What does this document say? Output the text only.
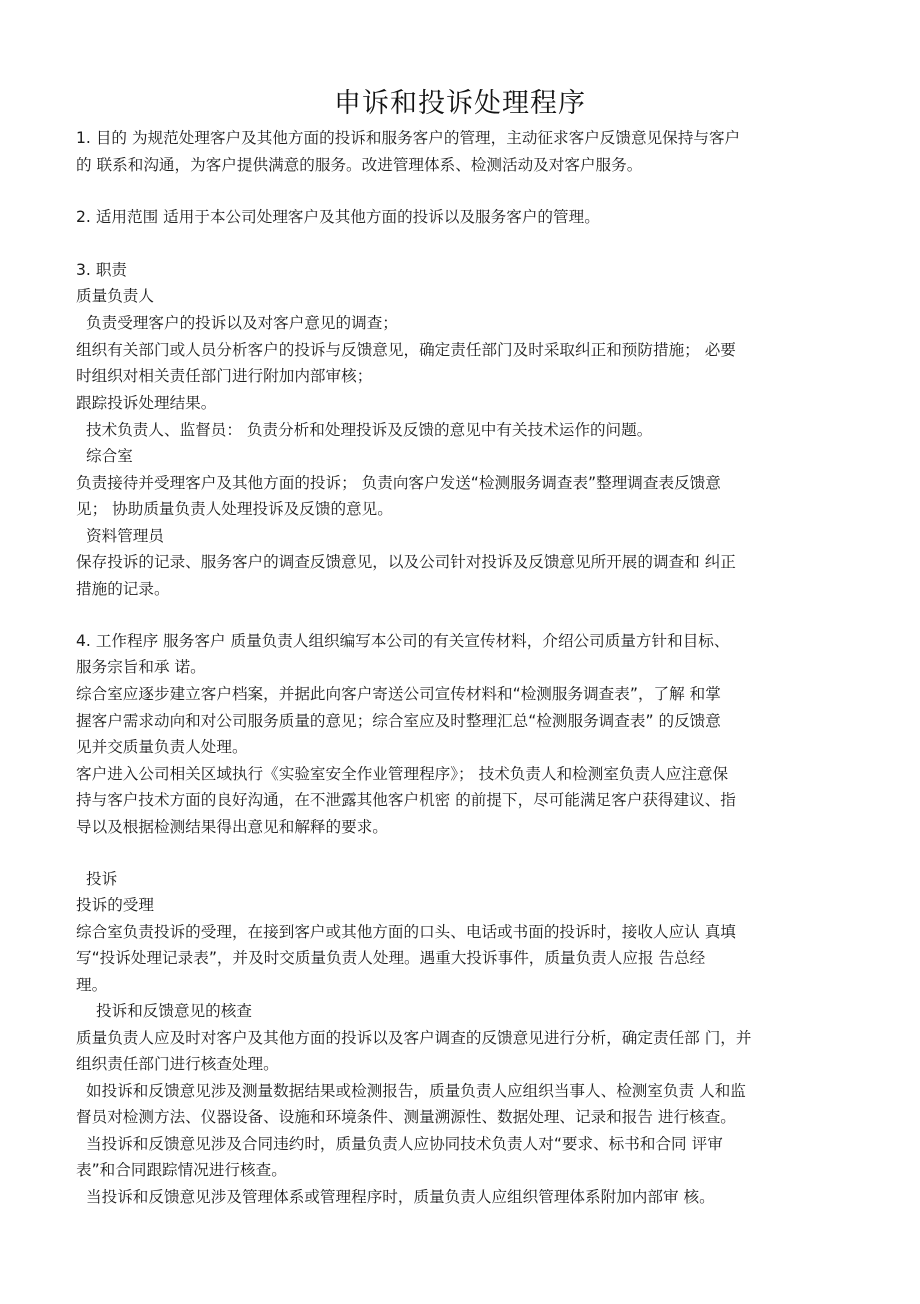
申诉和投诉处理程序
1. 目的 为规范处理客户及其他方面的投诉和服务客户的管理，主动征求客户反馈意见保持与客户
的 联系和沟通，为客户提供满意的服务。改进管理体系、检测活动及对客户服务。
2. 适用范围 适用于本公司处理客户及其他方面的投诉以及服务客户的管理。
3. 职责
质量负责人
负责受理客户的投诉以及对客户意见的调查；
组织有关部门或人员分析客户的投诉与反馈意见，确定责任部门及时采取纠正和预防措施； 必要
时组织对相关责任部门进行附加内部审核；
跟踪投诉处理结果。
技术负责人、监督员： 负责分析和处理投诉及反馈的意见中有关技术运作的问题。
综合室
负责接待并受理客户及其他方面的投诉； 负责向客户发送“检测服务调查表”整理调查表反馈意
见； 协助质量负责人处理投诉及反馈的意见。
资料管理员
保存投诉的记录、服务客户的调查反馈意见，以及公司针对投诉及反馈意见所开展的调查和 纠正
措施的记录。
4. 工作程序 服务客户 质量负责人组织编写本公司的有关宣传材料，介绍公司质量方针和目标、
服务宗旨和承 诺。
综合室应逐步建立客户档案，并据此向客户寄送公司宣传材料和“检测服务调查表”，了解 和掌
握客户需求动向和对公司服务质量的意见；综合室应及时整理汇总“检测服务调查表” 的反馈意
见并交质量负责人处理。
客户进入公司相关区域执行《实验室安全作业管理程序》； 技术负责人和检测室负责人应注意保
持与客户技术方面的良好沟通，在不泄露其他客户机密 的前提下，尽可能满足客户获得建议、指
导以及根据检测结果得出意见和解释的要求。
投诉
投诉的受理
综合室负责投诉的受理，在接到客户或其他方面的口头、电话或书面的投诉时，接收人应认 真填
写“投诉处理记录表”，并及时交质量负责人处理。遇重大投诉事件，质量负责人应报 告总经
理。
投诉和反馈意见的核查
质量负责人应及时对客户及其他方面的投诉以及客户调查的反馈意见进行分析，确定责任部 门，并
组织责任部门进行核查处理。
如投诉和反馈意见涉及测量数据结果或检测报告，质量负责人应组织当事人、检测室负责 人和监
督员对检测方法、仪器设备、设施和环境条件、测量溯源性、数据处理、记录和报告 进行核查。
当投诉和反馈意见涉及合同违约时，质量负责人应协同技术负责人对“要求、标书和合同 评审
表”和合同跟踪情况进行核查。
当投诉和反馈意见涉及管理体系或管理程序时，质量负责人应组织管理体系附加内部审 核。
